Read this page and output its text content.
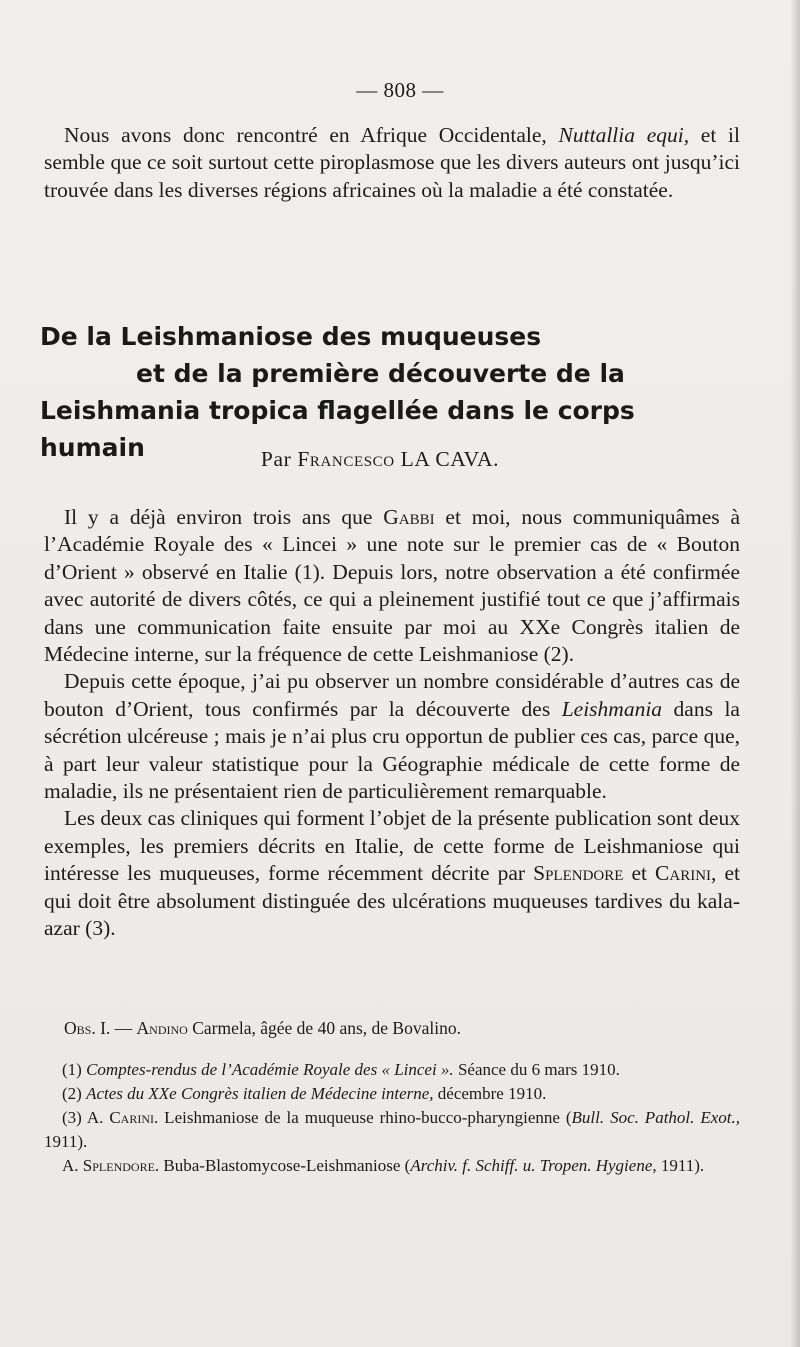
— 808 —

Nous avons donc rencontré en Afrique Occidentale, Nuttallia equi, et il semble que ce soit surtout cette piroplasmose que les divers auteurs ont jusqu’ici trouvée dans les diverses régions africaines où la maladie a été constatée.

De la Leishmaniose des muqueuses
et de la première découverte de la
Leishmania tropica flagellée dans le corps humain	Par Francesco LA CAVA.

Il y a déjà environ trois ans que Gabbi et moi, nous communiquâmes à l’Académie Royale des « Lincei » une note sur le premier cas de « Bouton d’Orient » observé en Italie (1). Depuis lors, notre observation a été confirmée avec autorité de divers côtés, ce qui a pleinement justifié tout ce que j’affirmais dans une communication faite ensuite par moi au XXe Congrès italien de Médecine interne, sur la fréquence de cette Leishmaniose (2).

Depuis cette époque, j’ai pu observer un nombre considérable d’autres cas de bouton d’Orient, tous confirmés par la découverte des Leishmania dans la sécrétion ulcéreuse ; mais je n’ai plus cru opportun de publier ces cas, parce que, à part leur valeur statistique pour la Géographie médicale de cette forme de maladie, ils ne présentaient rien de particulièrement remarquable.

Les deux cas cliniques qui forment l’objet de la présente publication sont deux exemples, les premiers décrits en Italie, de cette forme de Leishmaniose qui intéresse les muqueuses, forme récemment décrite par Splendore et Carini, et qui doit être absolument distinguée des ulcérations muqueuses tardives du kala-azar (3).

Obs. I. — Andino Carmela, âgée de 40 ans, de Bovalino.

(1) Comptes-rendus de l’Académie Royale des « Lincei ». Séance du 6 mars 1910.

(2) Actes du XXe Congrès italien de Médecine interne, décembre 1910.

(3) A. Carini. Leishmaniose de la muqueuse rhino-bucco-pharyngienne (Bull. Soc. Pathol. Exot., 1911).

A. Splendore. Buba-Blastomycose-Leishmaniose (Archiv. f. Schiff. u. Tropen. Hygiene, 1911).
